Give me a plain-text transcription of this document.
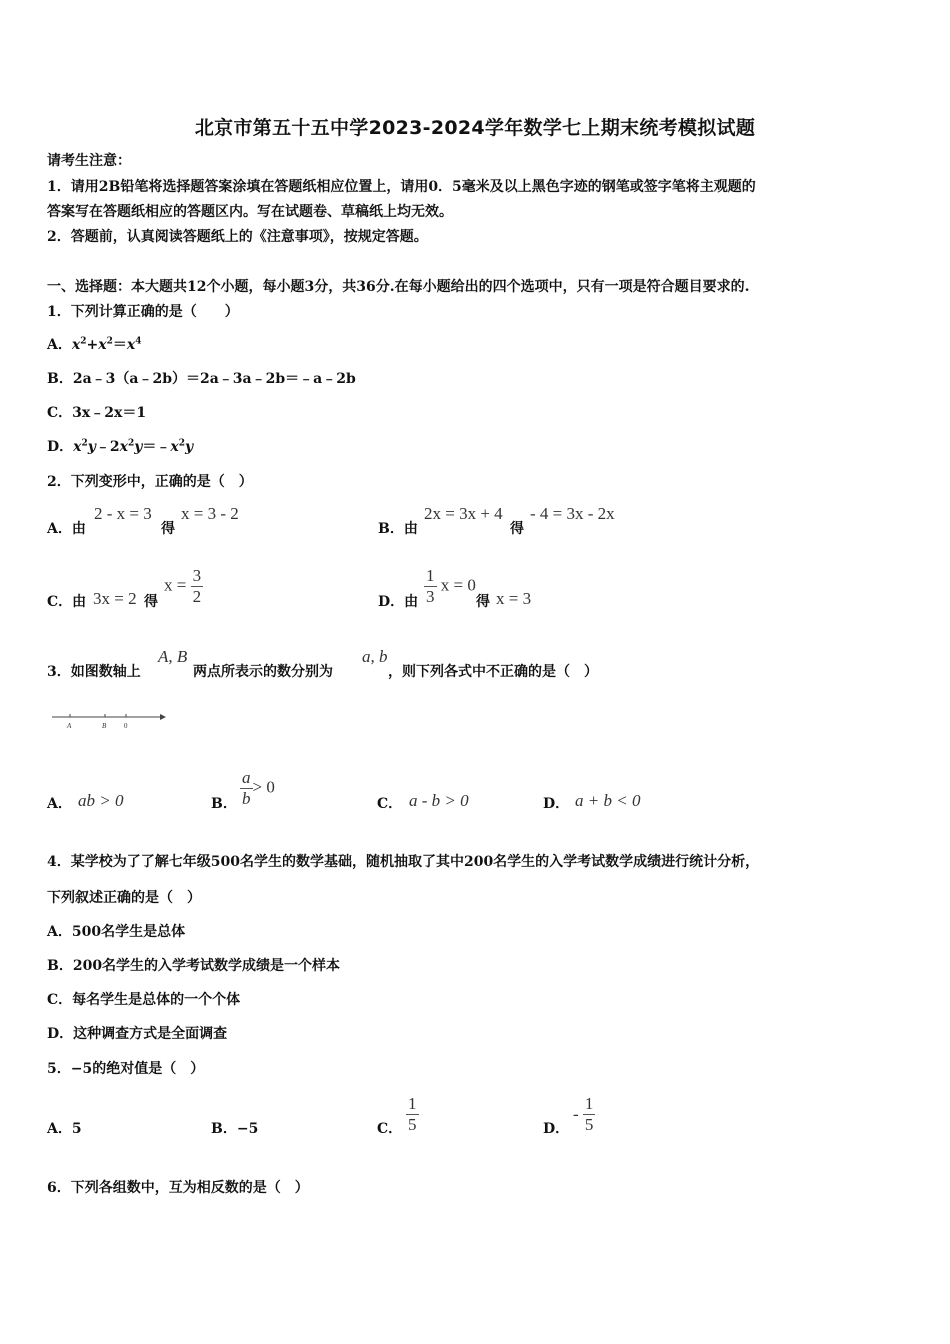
北京市第五十五中学2023-2024学年数学七上期末统考模拟试题
请考生注意：
1．请用2B铅笔将选择题答案涂填在答题纸相应位置上，请用0．5毫米及以上黑色字迹的钢笔或签字笔将主观题的
答案写在答题纸相应的答题区内。写在试题卷、草稿纸上均无效。
2．答题前，认真阅读答题纸上的《注意事项》，按规定答题。
一、选择题：本大题共12个小题，每小题3分，共36分.在每小题给出的四个选项中，只有一项是符合题目要求的.
1．下列计算正确的是（　　）
A．$x^2+x^2=x^4$
B．2a﹣3（a﹣2b）＝2a﹣3a﹣2b＝﹣a﹣2b
C．3x﹣2x＝1
D．$x^2y﹣2x^2y=﹣x^2y$
2．下列变形中，正确的是（　）
A．由
2 - x = 3
得
x = 3 - 2
B．由
2x = 3x + 4
得
- 4 = 3x - 2x
C．由 3x = 2 得
$x = \frac{3}{2}$	D．由 $\frac{1}{3}$ x = 0
得 x = 3
3．如图数轴上
A, B
两点所表示的数分别为
a, b
，则下列各式中不正确的是（　）
A	B	0
A． ab > 0	B． $\frac{a}{b} > 0$
C． a - b > 0	D． a + b < 0
4．某学校为了了解七年级500名学生的数学基础，随机抽取了其中200名学生的入学考试数学成绩进行统计分析，
下列叙述正确的是（　）
A．500名学生是总体
B．200名学生的入学考试数学成绩是一个样本
C．每名学生是总体的一个个体
D．这种调查方式是全面调查
5．−5的绝对值是（　）
A．5	B．−5	C． $\frac{1}{5}$	D．
- $\frac{1}{5}$
6．下列各组数中，互为相反数的是（　）
